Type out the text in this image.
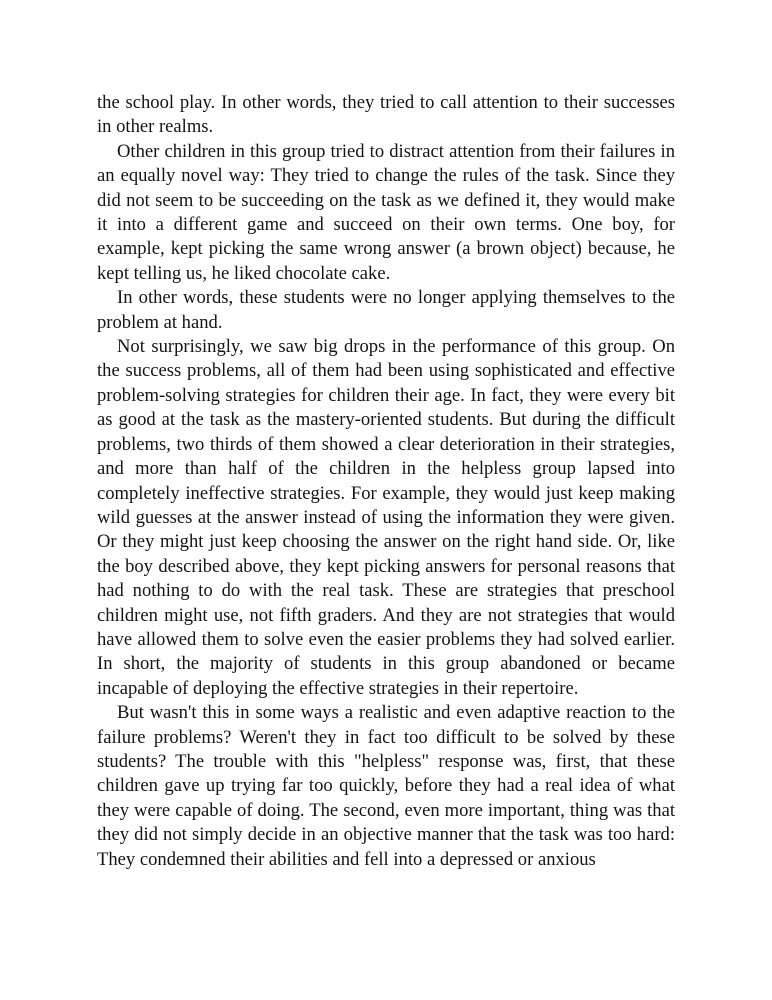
the school play. In other words, they tried to call attention to their successes in other realms.

Other children in this group tried to distract attention from their failures in an equally novel way: They tried to change the rules of the task. Since they did not seem to be succeeding on the task as we defined it, they would make it into a different game and succeed on their own terms. One boy, for example, kept picking the same wrong answer (a brown object) because, he kept telling us, he liked chocolate cake.

In other words, these students were no longer applying themselves to the problem at hand.

Not surprisingly, we saw big drops in the performance of this group. On the success problems, all of them had been using sophisticated and effective problem-solving strategies for children their age. In fact, they were every bit as good at the task as the mastery-oriented students. But during the difficult problems, two thirds of them showed a clear deterioration in their strategies, and more than half of the children in the helpless group lapsed into completely ineffective strategies. For example, they would just keep making wild guesses at the answer instead of using the information they were given. Or they might just keep choosing the answer on the right hand side. Or, like the boy described above, they kept picking answers for personal reasons that had nothing to do with the real task. These are strategies that preschool children might use, not fifth graders. And they are not strategies that would have allowed them to solve even the easier problems they had solved earlier. In short, the majority of students in this group abandoned or became incapable of deploying the effective strategies in their repertoire.

But wasn't this in some ways a realistic and even adaptive reaction to the failure problems? Weren't they in fact too difficult to be solved by these students? The trouble with this "helpless" response was, first, that these children gave up trying far too quickly, before they had a real idea of what they were capable of doing. The second, even more important, thing was that they did not simply decide in an objective manner that the task was too hard: They condemned their abilities and fell into a depressed or anxious
